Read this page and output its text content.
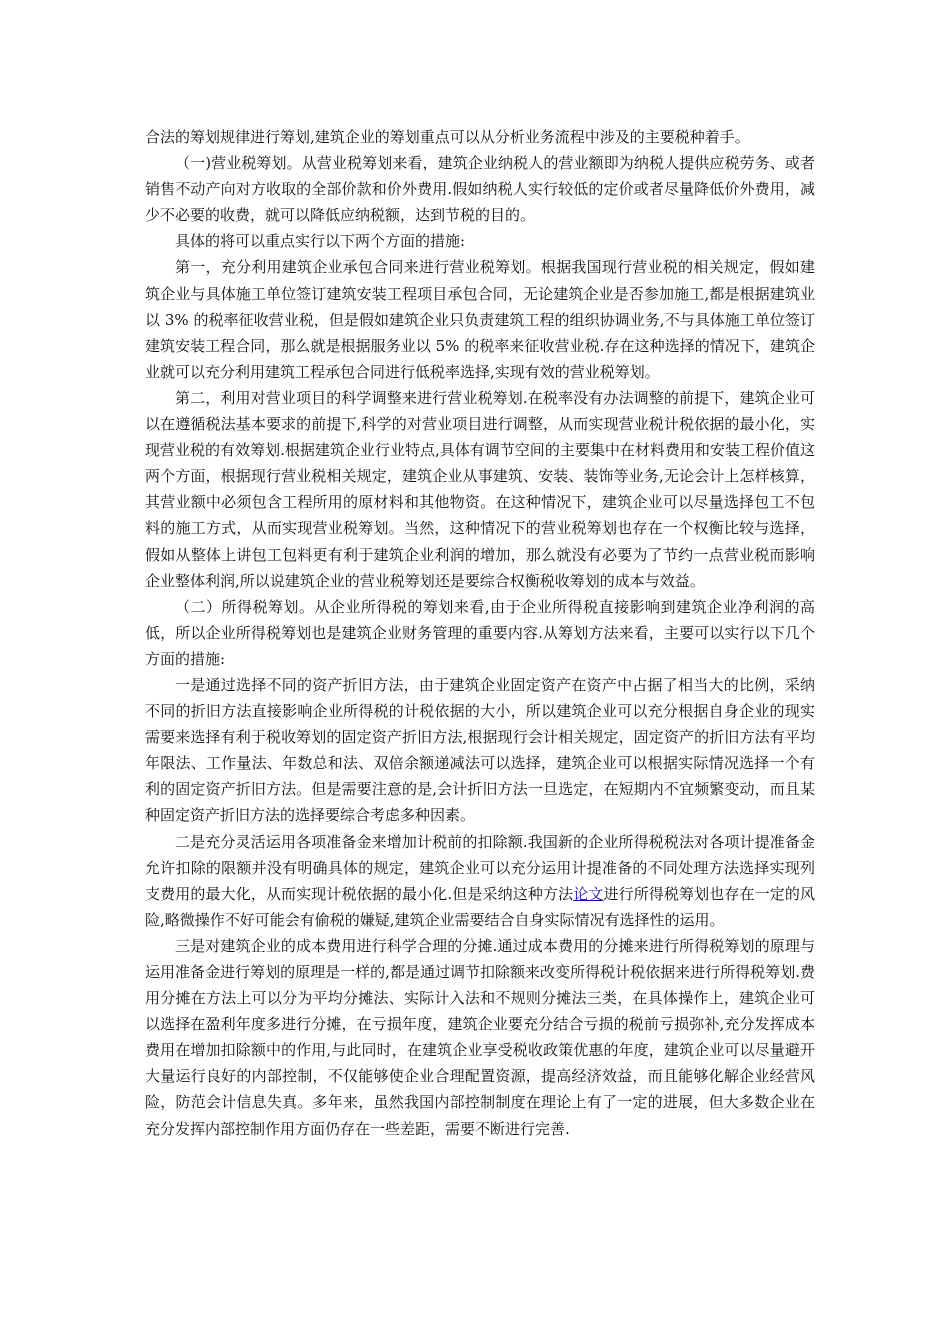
合法的筹划规律进行筹划,建筑企业的筹划重点可以从分析业务流程中涉及的主要税种着手。

（一)营业税筹划。从营业税筹划来看，建筑企业纳税人的营业额即为纳税人提供应税劳务、或者销售不动产向对方收取的全部价款和价外费用.假如纳税人实行较低的定价或者尽量降低价外费用，减少不必要的收费，就可以降低应纳税额，达到节税的目的。

具体的将可以重点实行以下两个方面的措施:

第一，充分利用建筑企业承包合同来进行营业税筹划。根据我国现行营业税的相关规定，假如建筑企业与具体施工单位签订建筑安装工程项目承包合同，无论建筑企业是否参加施工,都是根据建筑业以 3% 的税率征收营业税，但是假如建筑企业只负责建筑工程的组织协调业务,不与具体施工单位签订建筑安装工程合同，那么就是根据服务业以 5% 的税率来征收营业税.存在这种选择的情况下，建筑企业就可以充分利用建筑工程承包合同进行低税率选择,实现有效的营业税筹划。

第二，利用对营业项目的科学调整来进行营业税筹划.在税率没有办法调整的前提下，建筑企业可以在遵循税法基本要求的前提下,科学的对营业项目进行调整，从而实现营业税计税依据的最小化，实现营业税的有效筹划.根据建筑企业行业特点,具体有调节空间的主要集中在材料费用和安装工程价值这两个方面，根据现行营业税相关规定，建筑企业从事建筑、安装、装饰等业务,无论会计上怎样核算，其营业额中必须包含工程所用的原材料和其他物资。在这种情况下，建筑企业可以尽量选择包工不包料的施工方式，从而实现营业税筹划。当然，这种情况下的营业税筹划也存在一个权衡比较与选择，假如从整体上讲包工包料更有利于建筑企业利润的增加，那么就没有必要为了节约一点营业税而影响企业整体利润,所以说建筑企业的营业税筹划还是要综合权衡税收筹划的成本与效益。

（二）所得税筹划。从企业所得税的筹划来看,由于企业所得税直接影响到建筑企业净利润的高低，所以企业所得税筹划也是建筑企业财务管理的重要内容.从筹划方法来看，主要可以实行以下几个方面的措施:

一是通过选择不同的资产折旧方法，由于建筑企业固定资产在资产中占据了相当大的比例，采纳不同的折旧方法直接影响企业所得税的计税依据的大小，所以建筑企业可以充分根据自身企业的现实需要来选择有利于税收筹划的固定资产折旧方法,根据现行会计相关规定，固定资产的折旧方法有平均年限法、工作量法、年数总和法、双倍余额递减法可以选择，建筑企业可以根据实际情况选择一个有利的固定资产折旧方法。但是需要注意的是,会计折旧方法一旦选定，在短期内不宜频繁变动，而且某种固定资产折旧方法的选择要综合考虑多种因素。

二是充分灵活运用各项准备金来增加计税前的扣除额.我国新的企业所得税税法对各项计提准备金允许扣除的限额并没有明确具体的规定，建筑企业可以充分运用计提准备的不同处理方法选择实现列支费用的最大化，从而实现计税依据的最小化.但是采纳这种方法论文进行所得税筹划也存在一定的风险,略微操作不好可能会有偷税的嫌疑,建筑企业需要结合自身实际情况有选择性的运用。

三是对建筑企业的成本费用进行科学合理的分摊.通过成本费用的分摊来进行所得税筹划的原理与运用准备金进行筹划的原理是一样的,都是通过调节扣除额来改变所得税计税依据来进行所得税筹划.费用分摊在方法上可以分为平均分摊法、实际计入法和不规则分摊法三类，在具体操作上，建筑企业可以选择在盈利年度多进行分摊，在亏损年度，建筑企业要充分结合亏损的税前亏损弥补,充分发挥成本费用在增加扣除额中的作用,与此同时，在建筑企业享受税收政策优惠的年度，建筑企业可以尽量避开大量运行良好的内部控制，不仅能够使企业合理配置资源，提高经济效益，而且能够化解企业经营风险，防范会计信息失真。多年来，虽然我国内部控制制度在理论上有了一定的进展，但大多数企业在充分发挥内部控制作用方面仍存在一些差距，需要不断进行完善.
